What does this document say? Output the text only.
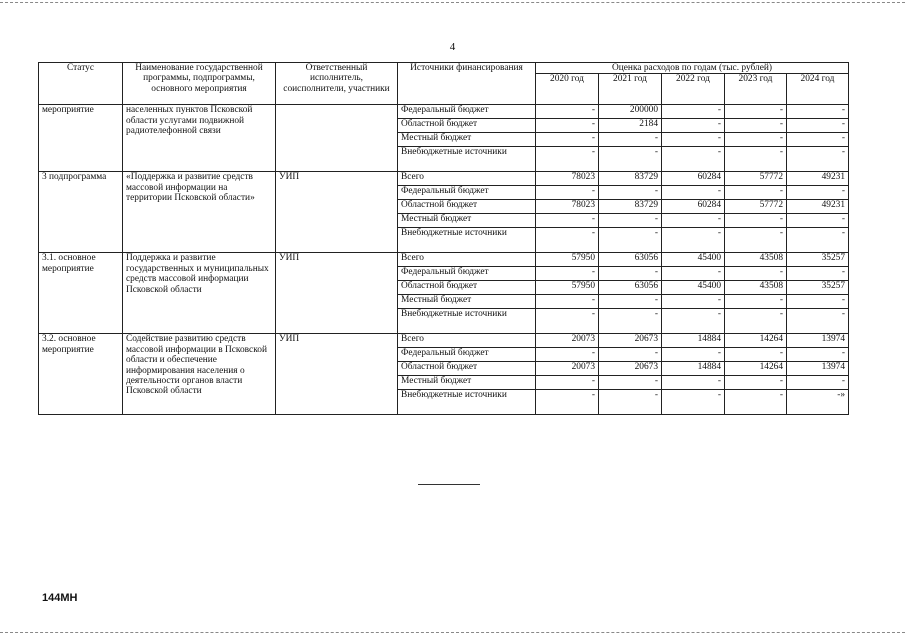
4
Статус	Наименование государственной программы, подпрограммы, основного мероприятия	Ответственный исполнитель, соисполнители, участники	Источники финансирования	Оценка расходов по годам (тыс. рублей)				
				2020 год	2021 год	2022 год	2023 год	2024 год
мероприятие	населенных пунктов Псковской области услугами подвижной радиотелефонной связи		Федеральный бюджет	-	200000	-	-	-
			Областной бюджет	-	2184	-	-	-
			Местный бюджет	-	-	-	-	-
			Внебюджетные источники	-	-	-	-	-
3 подпрограмма	«Поддержка и развитие средств массовой информации на территории Псковской области»	УИП	Всего	78023	83729	60284	57772	49231
			Федеральный бюджет	-	-	-	-	-
			Областной бюджет	78023	83729	60284	57772	49231
			Местный бюджет	-	-	-	-	-
			Внебюджетные источники	-	-	-	-	-
3.1. основное мероприятие	Поддержка и развитие государственных и муниципальных средств массовой информации Псковской области	УИП	Всего	57950	63056	45400	43508	35257
			Федеральный бюджет	-	-	-	-	-
			Областной бюджет	57950	63056	45400	43508	35257
			Местный бюджет	-	-	-	-	-
			Внебюджетные источники	-	-	-	-	-
3.2. основное мероприятие	Содействие развитию средств массовой информации в Псковской области и обеспечение информирования населения о деятельности органов власти Псковской области	УИП	Всего	20073	20673	14884	14264	13974
			Федеральный бюджет	-	-	-	-	-
			Областной бюджет	20073	20673	14884	14264	13974
			Местный бюджет	-	-	-	-	-
			Внебюджетные источники	-	-	-	-	-»
144МН
